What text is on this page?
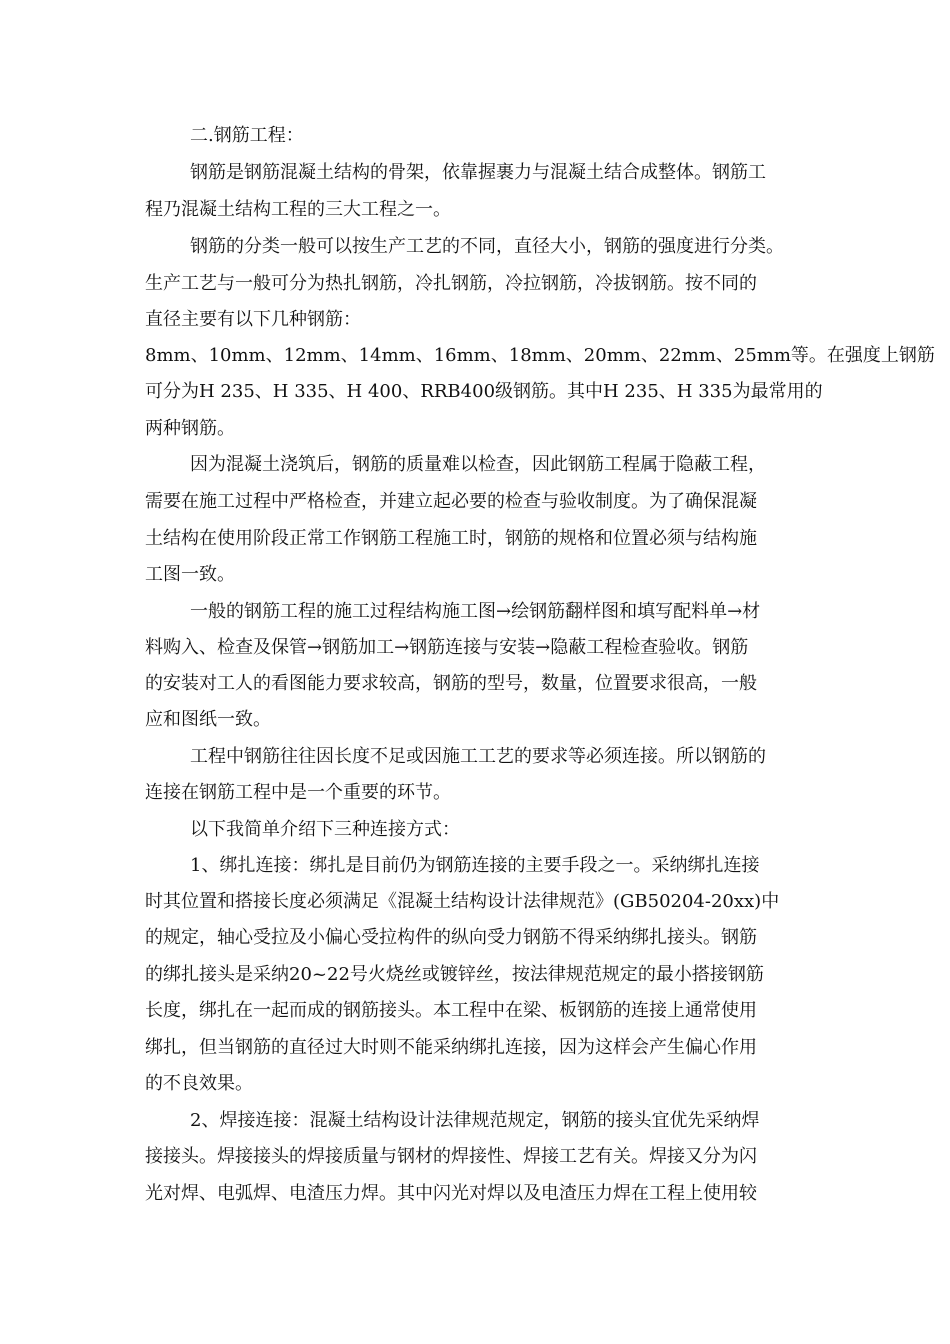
二.钢筋工程：
钢筋是钢筋混凝土结构的骨架，依靠握裹力与混凝土结合成整体。钢筋工
程乃混凝土结构工程的三大工程之一。
钢筋的分类一般可以按生产工艺的不同，直径大小，钢筋的强度进行分类。
生产工艺与一般可分为热扎钢筋，冷扎钢筋，冷拉钢筋，冷拔钢筋。按不同的
直径主要有以下几种钢筋：
8mm、10mm、12mm、14mm、16mm、18mm、20mm、22mm、25mm等。在强度上钢筋
可分为H 235、H 335、H 400、RRB400级钢筋。其中H 235、H 335为最常用的
两种钢筋。
因为混凝土浇筑后，钢筋的质量难以检查，因此钢筋工程属于隐蔽工程，
需要在施工过程中严格检查，并建立起必要的检查与验收制度。为了确保混凝
土结构在使用阶段正常工作钢筋工程施工时，钢筋的规格和位置必须与结构施
工图一致。
一般的钢筋工程的施工过程结构施工图→绘钢筋翻样图和填写配料单→材
料购入、检查及保管→钢筋加工→钢筋连接与安装→隐蔽工程检查验收。钢筋
的安装对工人的看图能力要求较高，钢筋的型号，数量，位置要求很高，一般
应和图纸一致。
工程中钢筋往往因长度不足或因施工工艺的要求等必须连接。所以钢筋的
连接在钢筋工程中是一个重要的环节。
以下我简单介绍下三种连接方式：
1、绑扎连接：绑扎是目前仍为钢筋连接的主要手段之一。采纳绑扎连接
时其位置和搭接长度必须满足《混凝土结构设计法律规范》(GB50204-20xx)中
的规定，轴心受拉及小偏心受拉构件的纵向受力钢筋不得采纳绑扎接头。钢筋
的绑扎接头是采纳20~22号火烧丝或镀锌丝，按法律规范规定的最小搭接钢筋
长度，绑扎在一起而成的钢筋接头。本工程中在梁、板钢筋的连接上通常使用
绑扎，但当钢筋的直径过大时则不能采纳绑扎连接，因为这样会产生偏心作用
的不良效果。
2、焊接连接：混凝土结构设计法律规范规定，钢筋的接头宜优先采纳焊
接接头。焊接接头的焊接质量与钢材的焊接性、焊接工艺有关。焊接又分为闪
光对焊、电弧焊、电渣压力焊。其中闪光对焊以及电渣压力焊在工程上使用较
